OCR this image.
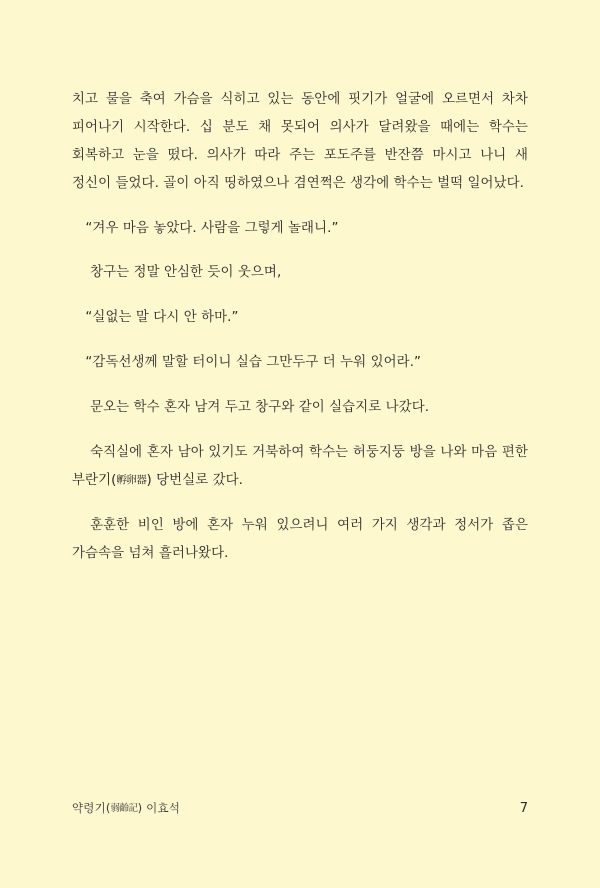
치고 물을 축여 가슴을 식히고 있는 동안에 핏기가 얼굴에 오르면서 차차 피어나기 시작한다. 십 분도 채 못되어 의사가 달려왔을 때에는 학수는 회복하고 눈을 떴다. 의사가 따라 주는 포도주를 반잔쯤 마시고 나니 새 정신이 들었다. 골이 아직 띵하였으나 겸연쩍은 생각에 학수는 벌떡 일어났다.

“겨우 마음 놓았다. 사람을 그렇게 놀래니.”

창구는 정말 안심한 듯이 웃으며,

“실없는 말 다시 안 하마.”

“감독선생께 말할 터이니 실습 그만두구 더 누워 있어라.”

문오는 학수 혼자 남겨 두고 창구와 같이 실습지로 나갔다.

숙직실에 혼자 남아 있기도 거북하여 학수는 허둥지둥 방을 나와 마음 편한 부란기(孵卵器) 당번실로 갔다.

훈훈한 비인 방에 혼자 누워 있으려니 여러 가지 생각과 정서가 좁은 가슴속을 넘쳐 흘러나왔다.

약령기(弱齡記) 이효석	7
